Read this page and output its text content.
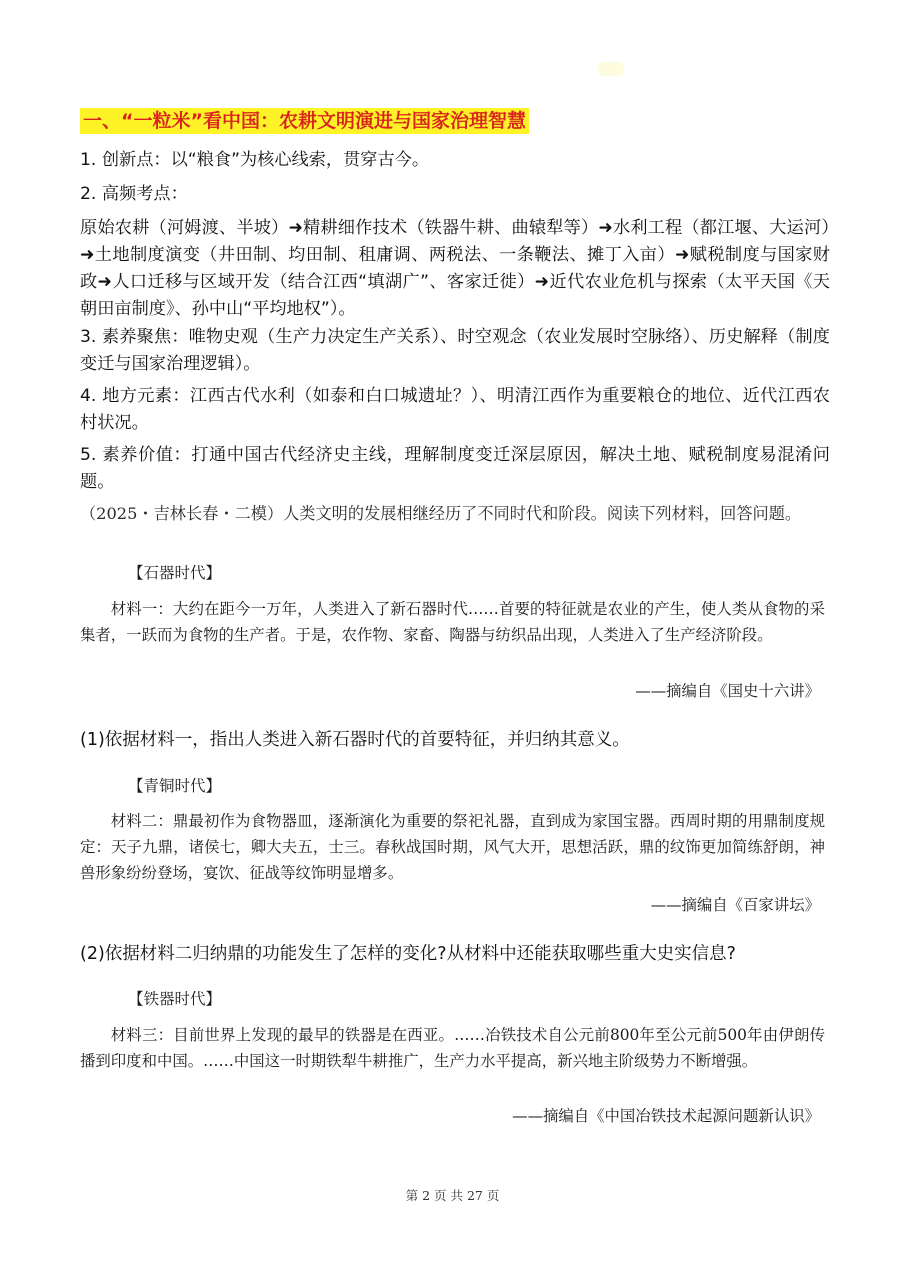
一、“一粒米”看中国：农耕文明演进与国家治理智慧
1. 创新点：以“粮食”为核心线索，贯穿古今。
2. 高频考点：
原始农耕（河姆渡、半坡）➜精耕细作技术（铁器牛耕、曲辕犁等）➜水利工程（都江堰、大运河）➜土地制度演变（井田制、均田制、租庸调、两税法、一条鞭法、摊丁入亩）➜赋税制度与国家财政➜人口迁移与区域开发（结合江西“填湖广”、客家迁徙）➜近代农业危机与探索（太平天国《天朝田亩制度》、孙中山“平均地权”）。
3. 素养聚焦：唯物史观（生产力决定生产关系）、时空观念（农业发展时空脉络）、历史解释（制度变迁与国家治理逻辑）。
4. 地方元素：江西古代水利（如泰和白口城遗址？）、明清江西作为重要粮仓的地位、近代江西农村状况。
5. 素养价值：打通中国古代经济史主线，理解制度变迁深层原因，解决土地、赋税制度易混淆问题。
（2025・吉林长春・二模）人类文明的发展相继经历了不同时代和阶段。阅读下列材料，回答问题。
【石器时代】
材料一：大约在距今一万年，人类进入了新石器时代……首要的特征就是农业的产生，使人类从食物的采集者，一跃而为食物的生产者。于是，农作物、家畜、陶器与纺织品出现，人类进入了生产经济阶段。
——摘编自《国史十六讲》
(1)依据材料一，指出人类进入新石器时代的首要特征，并归纳其意义。
【青铜时代】
材料二：鼎最初作为食物器皿，逐渐演化为重要的祭祀礼器，直到成为家国宝器。西周时期的用鼎制度规定：天子九鼎，诸侯七，卿大夫五，士三。春秋战国时期，风气大开，思想活跃，鼎的纹饰更加简练舒朗，神兽形象纷纷登场，宴饮、征战等纹饰明显增多。
——摘编自《百家讲坛》
(2)依据材料二归纳鼎的功能发生了怎样的变化?从材料中还能获取哪些重大史实信息?
【铁器时代】
材料三：目前世界上发现的最早的铁器是在西亚。……冶铁技术自公元前800年至公元前500年由伊朗传播到印度和中国。……中国这一时期铁犁牛耕推广，生产力水平提高，新兴地主阶级势力不断增强。
——摘编自《中国冶铁技术起源问题新认识》
第 2 页 共 27 页
